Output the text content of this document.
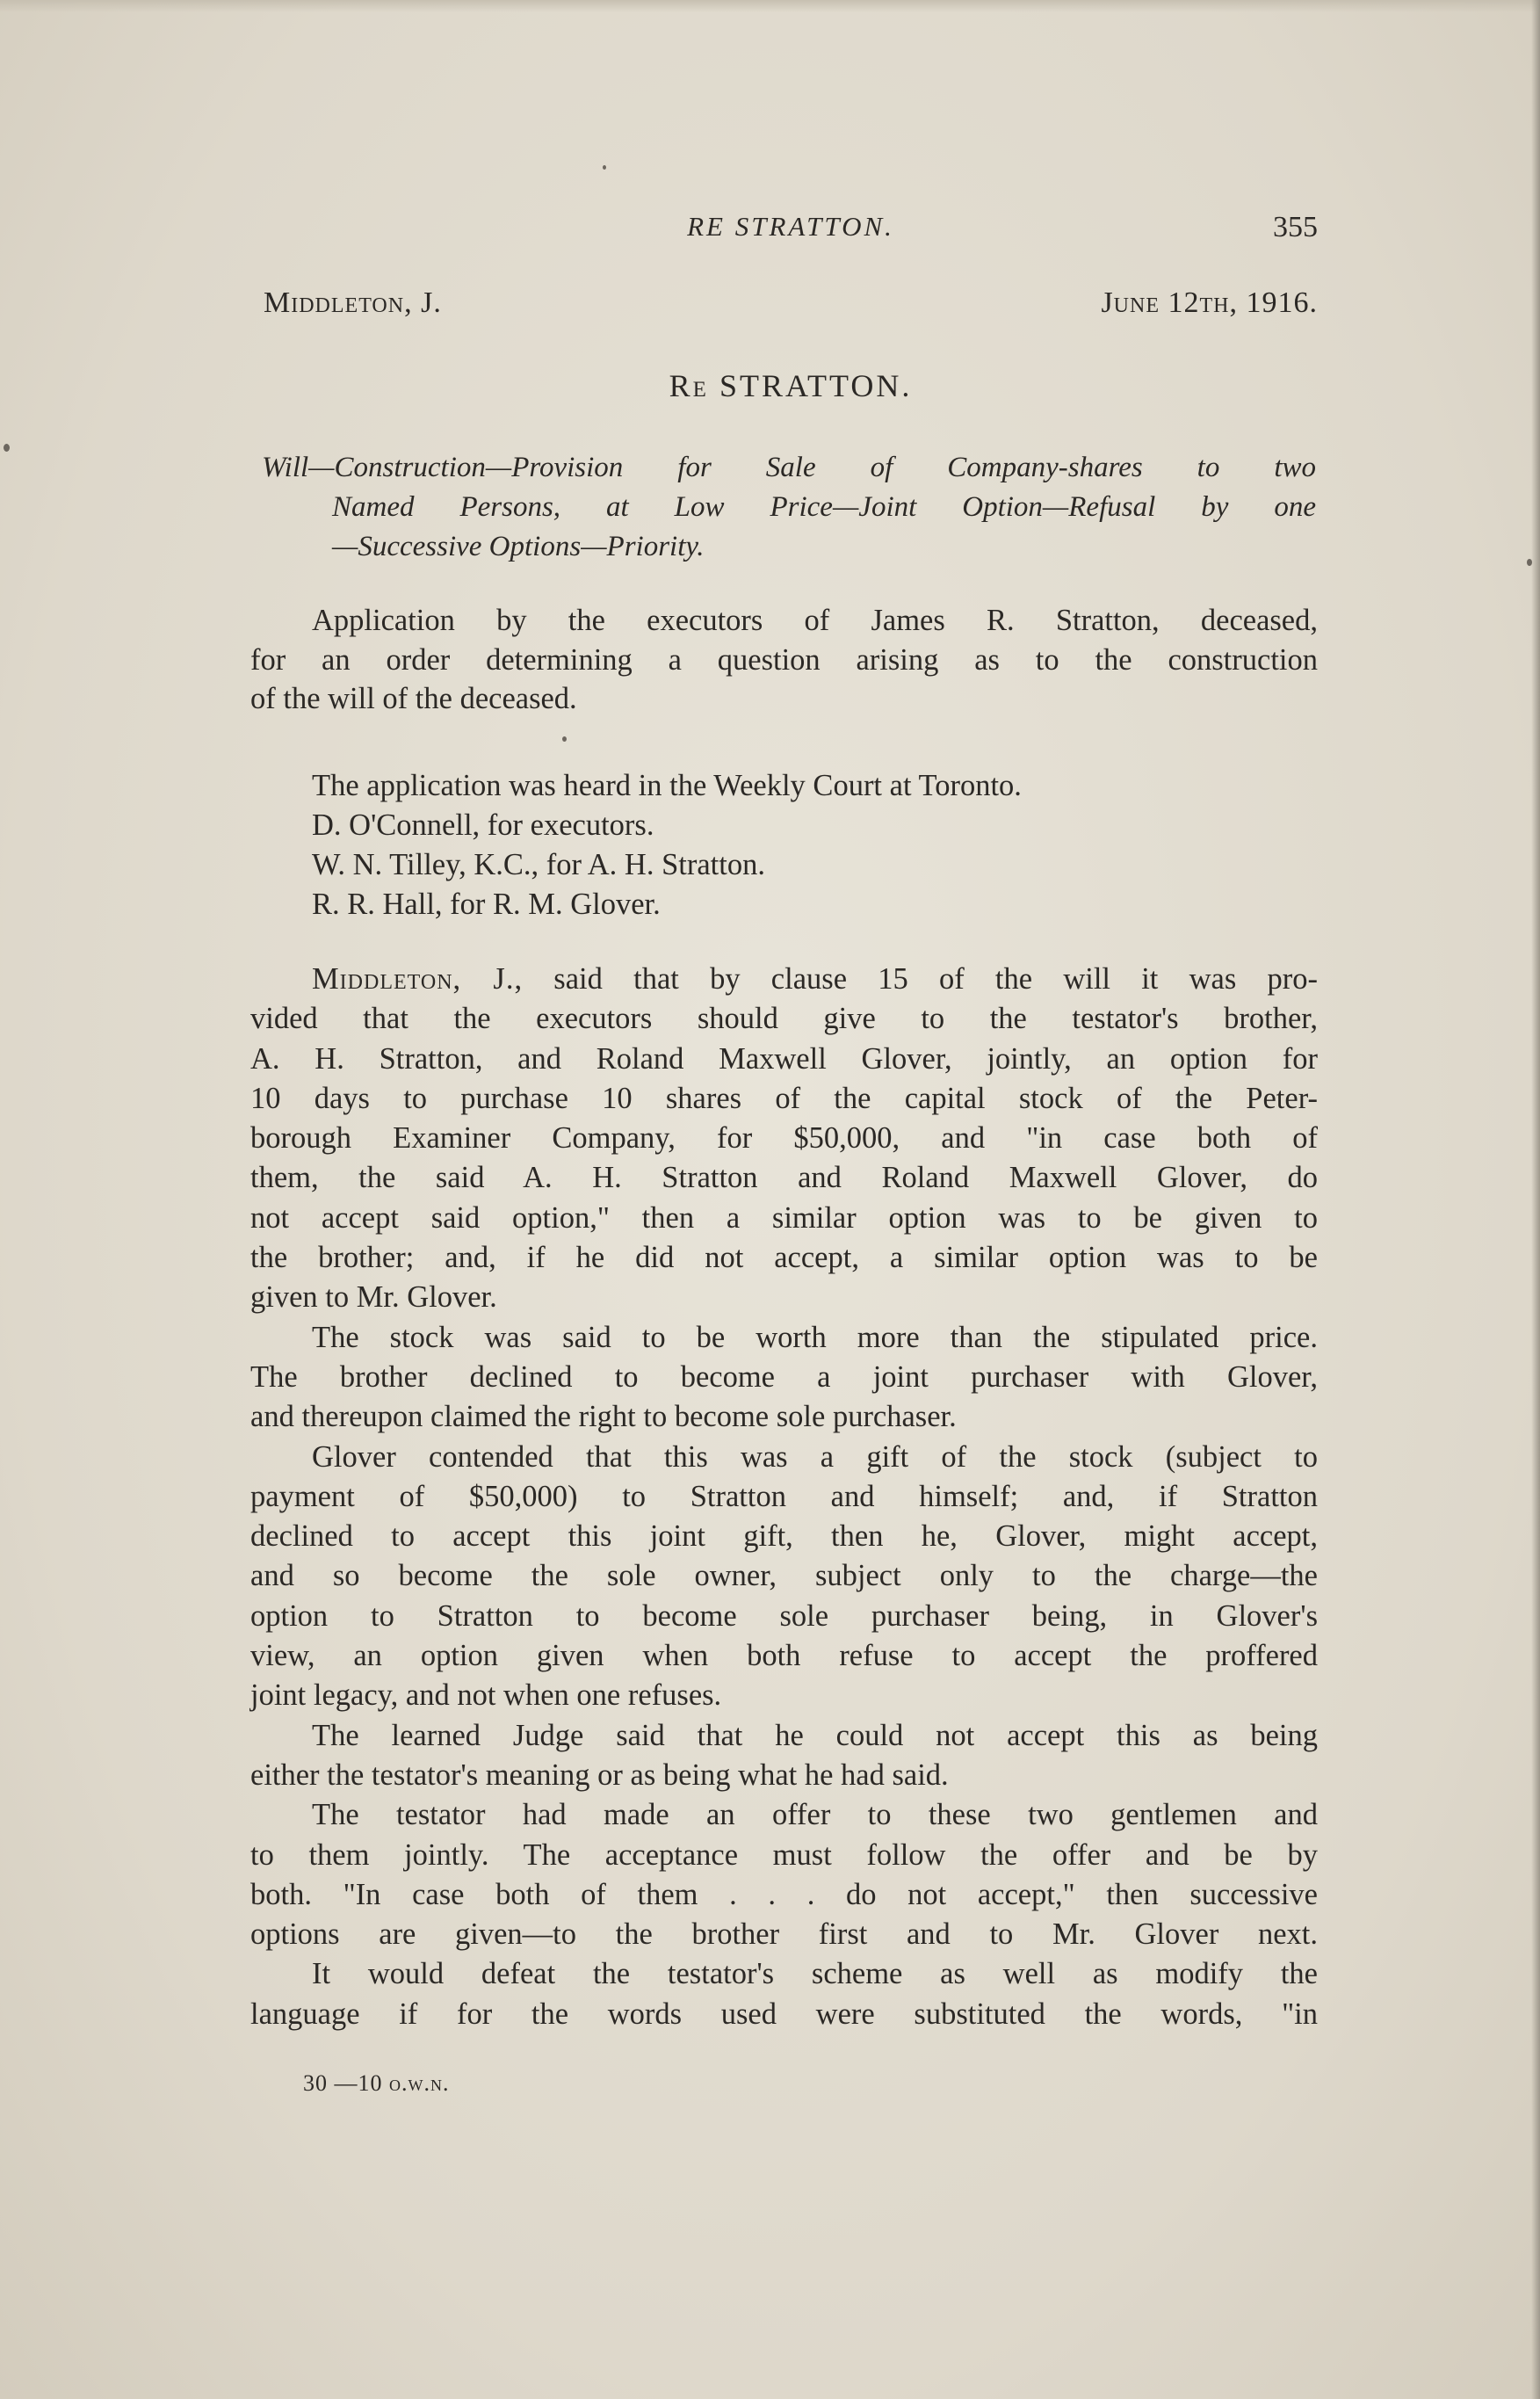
RE STRATTON.	355
Middleton, J.	June 12th, 1916.
Re STRATTON.
Will—Construction—Provision for Sale of Company-shares to two
Named Persons, at Low Price—Joint Option—Refusal by one
—Successive Options—Priority.
Application by the executors of James R. Stratton, deceased,
for an order determining a question arising as to the construction
of the will of the deceased.
The application was heard in the Weekly Court at Toronto.
D. O'Connell, for executors.
W. N. Tilley, K.C., for A. H. Stratton.
R. R. Hall, for R. M. Glover.
Middleton, J., said that by clause 15 of the will it was pro-
vided that the executors should give to the testator's brother,
A. H. Stratton, and Roland Maxwell Glover, jointly, an option for
10 days to purchase 10 shares of the capital stock of the Peter-
borough Examiner Company, for $50,000, and "in case both of
them, the said A. H. Stratton and Roland Maxwell Glover, do
not accept said option," then a similar option was to be given to
the brother; and, if he did not accept, a similar option was to be
given to Mr. Glover.
The stock was said to be worth more than the stipulated price.
The brother declined to become a joint purchaser with Glover,
and thereupon claimed the right to become sole purchaser.
Glover contended that this was a gift of the stock (subject to
payment of $50,000) to Stratton and himself; and, if Stratton
declined to accept this joint gift, then he, Glover, might accept,
and so become the sole owner, subject only to the charge—the
option to Stratton to become sole purchaser being, in Glover's
view, an option given when both refuse to accept the proffered
joint legacy, and not when one refuses.
The learned Judge said that he could not accept this as being
either the testator's meaning or as being what he had said.
The testator had made an offer to these two gentlemen and
to them jointly. The acceptance must follow the offer and be by
both. "In case both of them . . . do not accept," then successive
options are given—to the brother first and to Mr. Glover next.
It would defeat the testator's scheme as well as modify the
language if for the words used were substituted the words, "in
30 —10 o.w.n.
